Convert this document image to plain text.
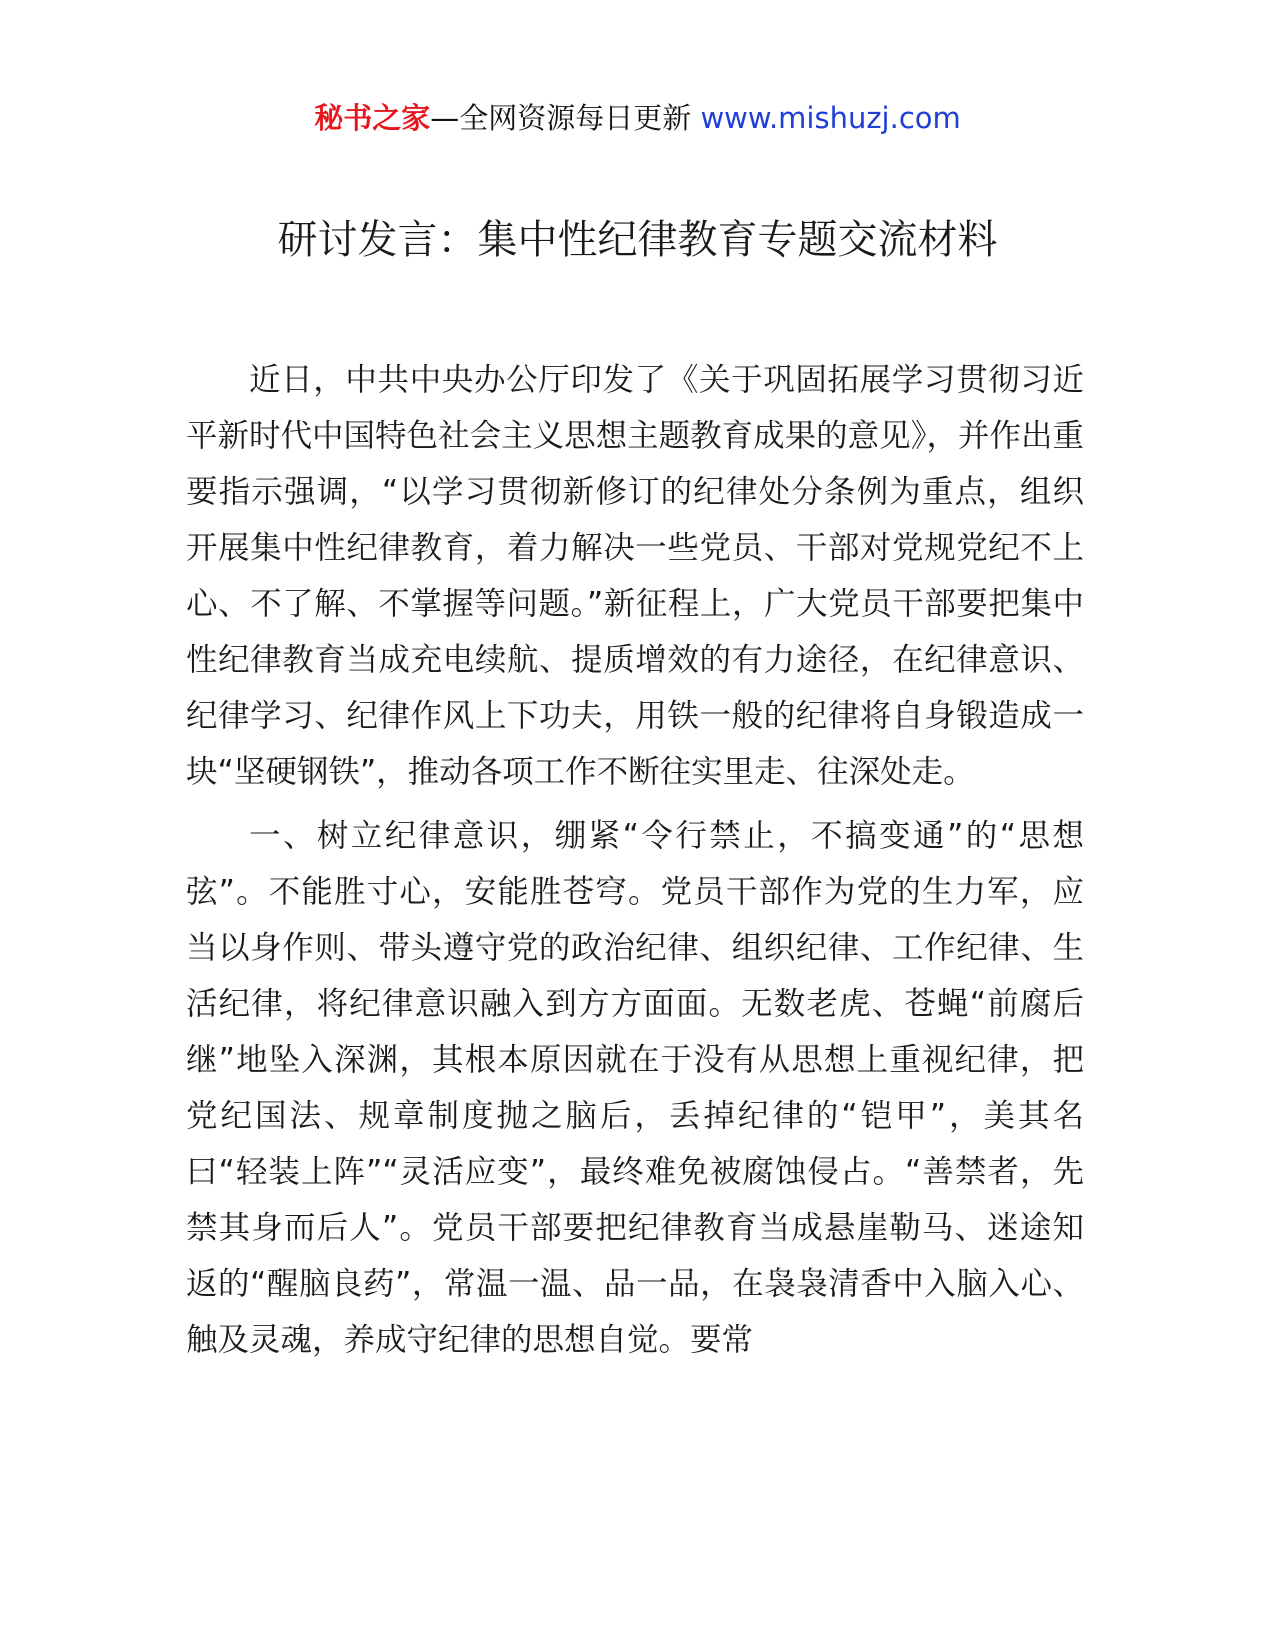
秘书之家—全网资源每日更新 www.mishuzj.com
研讨发言：集中性纪律教育专题交流材料

近日，中共中央办公厅印发了《关于巩固拓展学习贯彻习近平新时代中国特色社会主义思想主题教育成果的意见》，并作出重要指示强调，“以学习贯彻新修订的纪律处分条例为重点，组织开展集中性纪律教育，着力解决一些党员、干部对党规党纪不上心、不了解、不掌握等问题。”新征程上，广大党员干部要把集中性纪律教育当成充电续航、提质增效的有力途径，在纪律意识、纪律学习、纪律作风上下功夫，用铁一般的纪律将自身锻造成一块“坚硬钢铁”，推动各项工作不断往实里走、往深处走。

一、树立纪律意识，绷紧“令行禁止，不搞变通”的“思想弦”。不能胜寸心，安能胜苍穹。党员干部作为党的生力军，应当以身作则、带头遵守党的政治纪律、组织纪律、工作纪律、生活纪律，将纪律意识融入到方方面面。无数老虎、苍蝇“前腐后继”地坠入深渊，其根本原因就在于没有从思想上重视纪律，把党纪国法、规章制度抛之脑后，丢掉纪律的“铠甲”，美其名曰“轻装上阵”“灵活应变”，最终难免被腐蚀侵占。“善禁者，先禁其身而后人”。党员干部要把纪律教育当成悬崖勒马、迷途知返的“醒脑良药”，常温一温、品一品，在袅袅清香中入脑入心、触及灵魂，养成守纪律的思想自觉。要常
